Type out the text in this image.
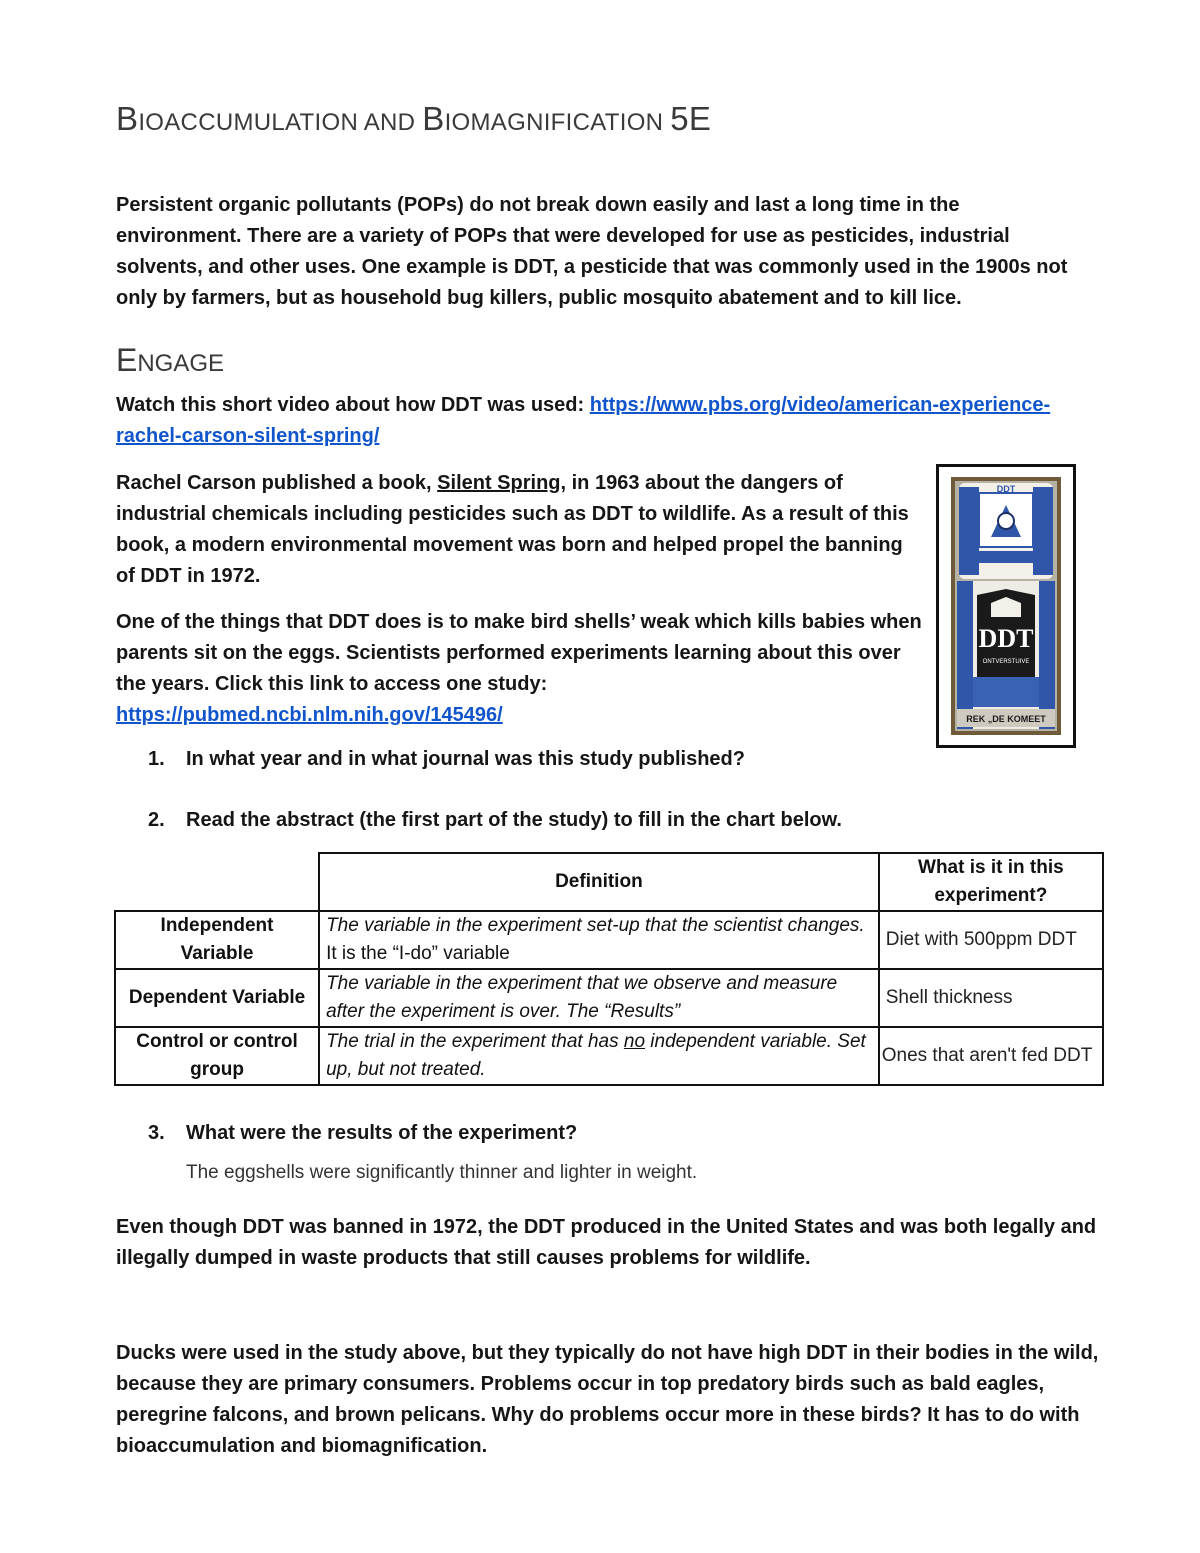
BIOACCUMULATION AND BIOMAGNIFICATION 5E

Persistent organic pollutants (POPs) do not break down easily and last a long time in the environment. There are a variety of POPs that were developed for use as pesticides, industrial solvents, and other uses. One example is DDT, a pesticide that was commonly used in the 1900s not only by farmers, but as household bug killers, public mosquito abatement and to kill lice.

ENGAGE

Watch this short video about how DDT was used: https://www.pbs.org/video/american-experience-rachel-carson-silent-spring/

Rachel Carson published a book, Silent Spring, in 1963 about the dangers of industrial chemicals including pesticides such as DDT to wildlife. As a result of this book, a modern environmental movement was born and helped propel the banning of DDT in 1972.

One of the things that DDT does is to make bird shells’ weak which kills babies when parents sit on the eggs. Scientists performed experiments learning about this over the years. Click this link to access one study:
https://pubmed.ncbi.nlm.nih.gov/145496/

DDT
DDT
ONTVERSTUIVE
REK „DE KOMEET
1. In what year and in what journal was this study published?
2. Read the abstract (the first part of the study) to fill in the chart below.
	Definition	What is it in this experiment?
Independent Variable	The variable in the experiment set-up that the scientist changes. It is the “I-do” variable	Diet with 500ppm DDT
Dependent Variable	The variable in the experiment that we observe and measure after the experiment is over. The “Results”	Shell thickness
Control or control group	The trial in the experiment that has no independent variable. Set up, but not treated.	Ones that aren't fed DDT
3. What were the results of the experiment?
The eggshells were significantly thinner and lighter in weight.

Even though DDT was banned in 1972, the DDT produced in the United States and was both legally and illegally dumped in waste products that still causes problems for wildlife.

Ducks were used in the study above, but they typically do not have high DDT in their bodies in the wild, because they are primary consumers. Problems occur in top predatory birds such as bald eagles, peregrine falcons, and brown pelicans. Why do problems occur more in these birds? It has to do with bioaccumulation and biomagnification.
